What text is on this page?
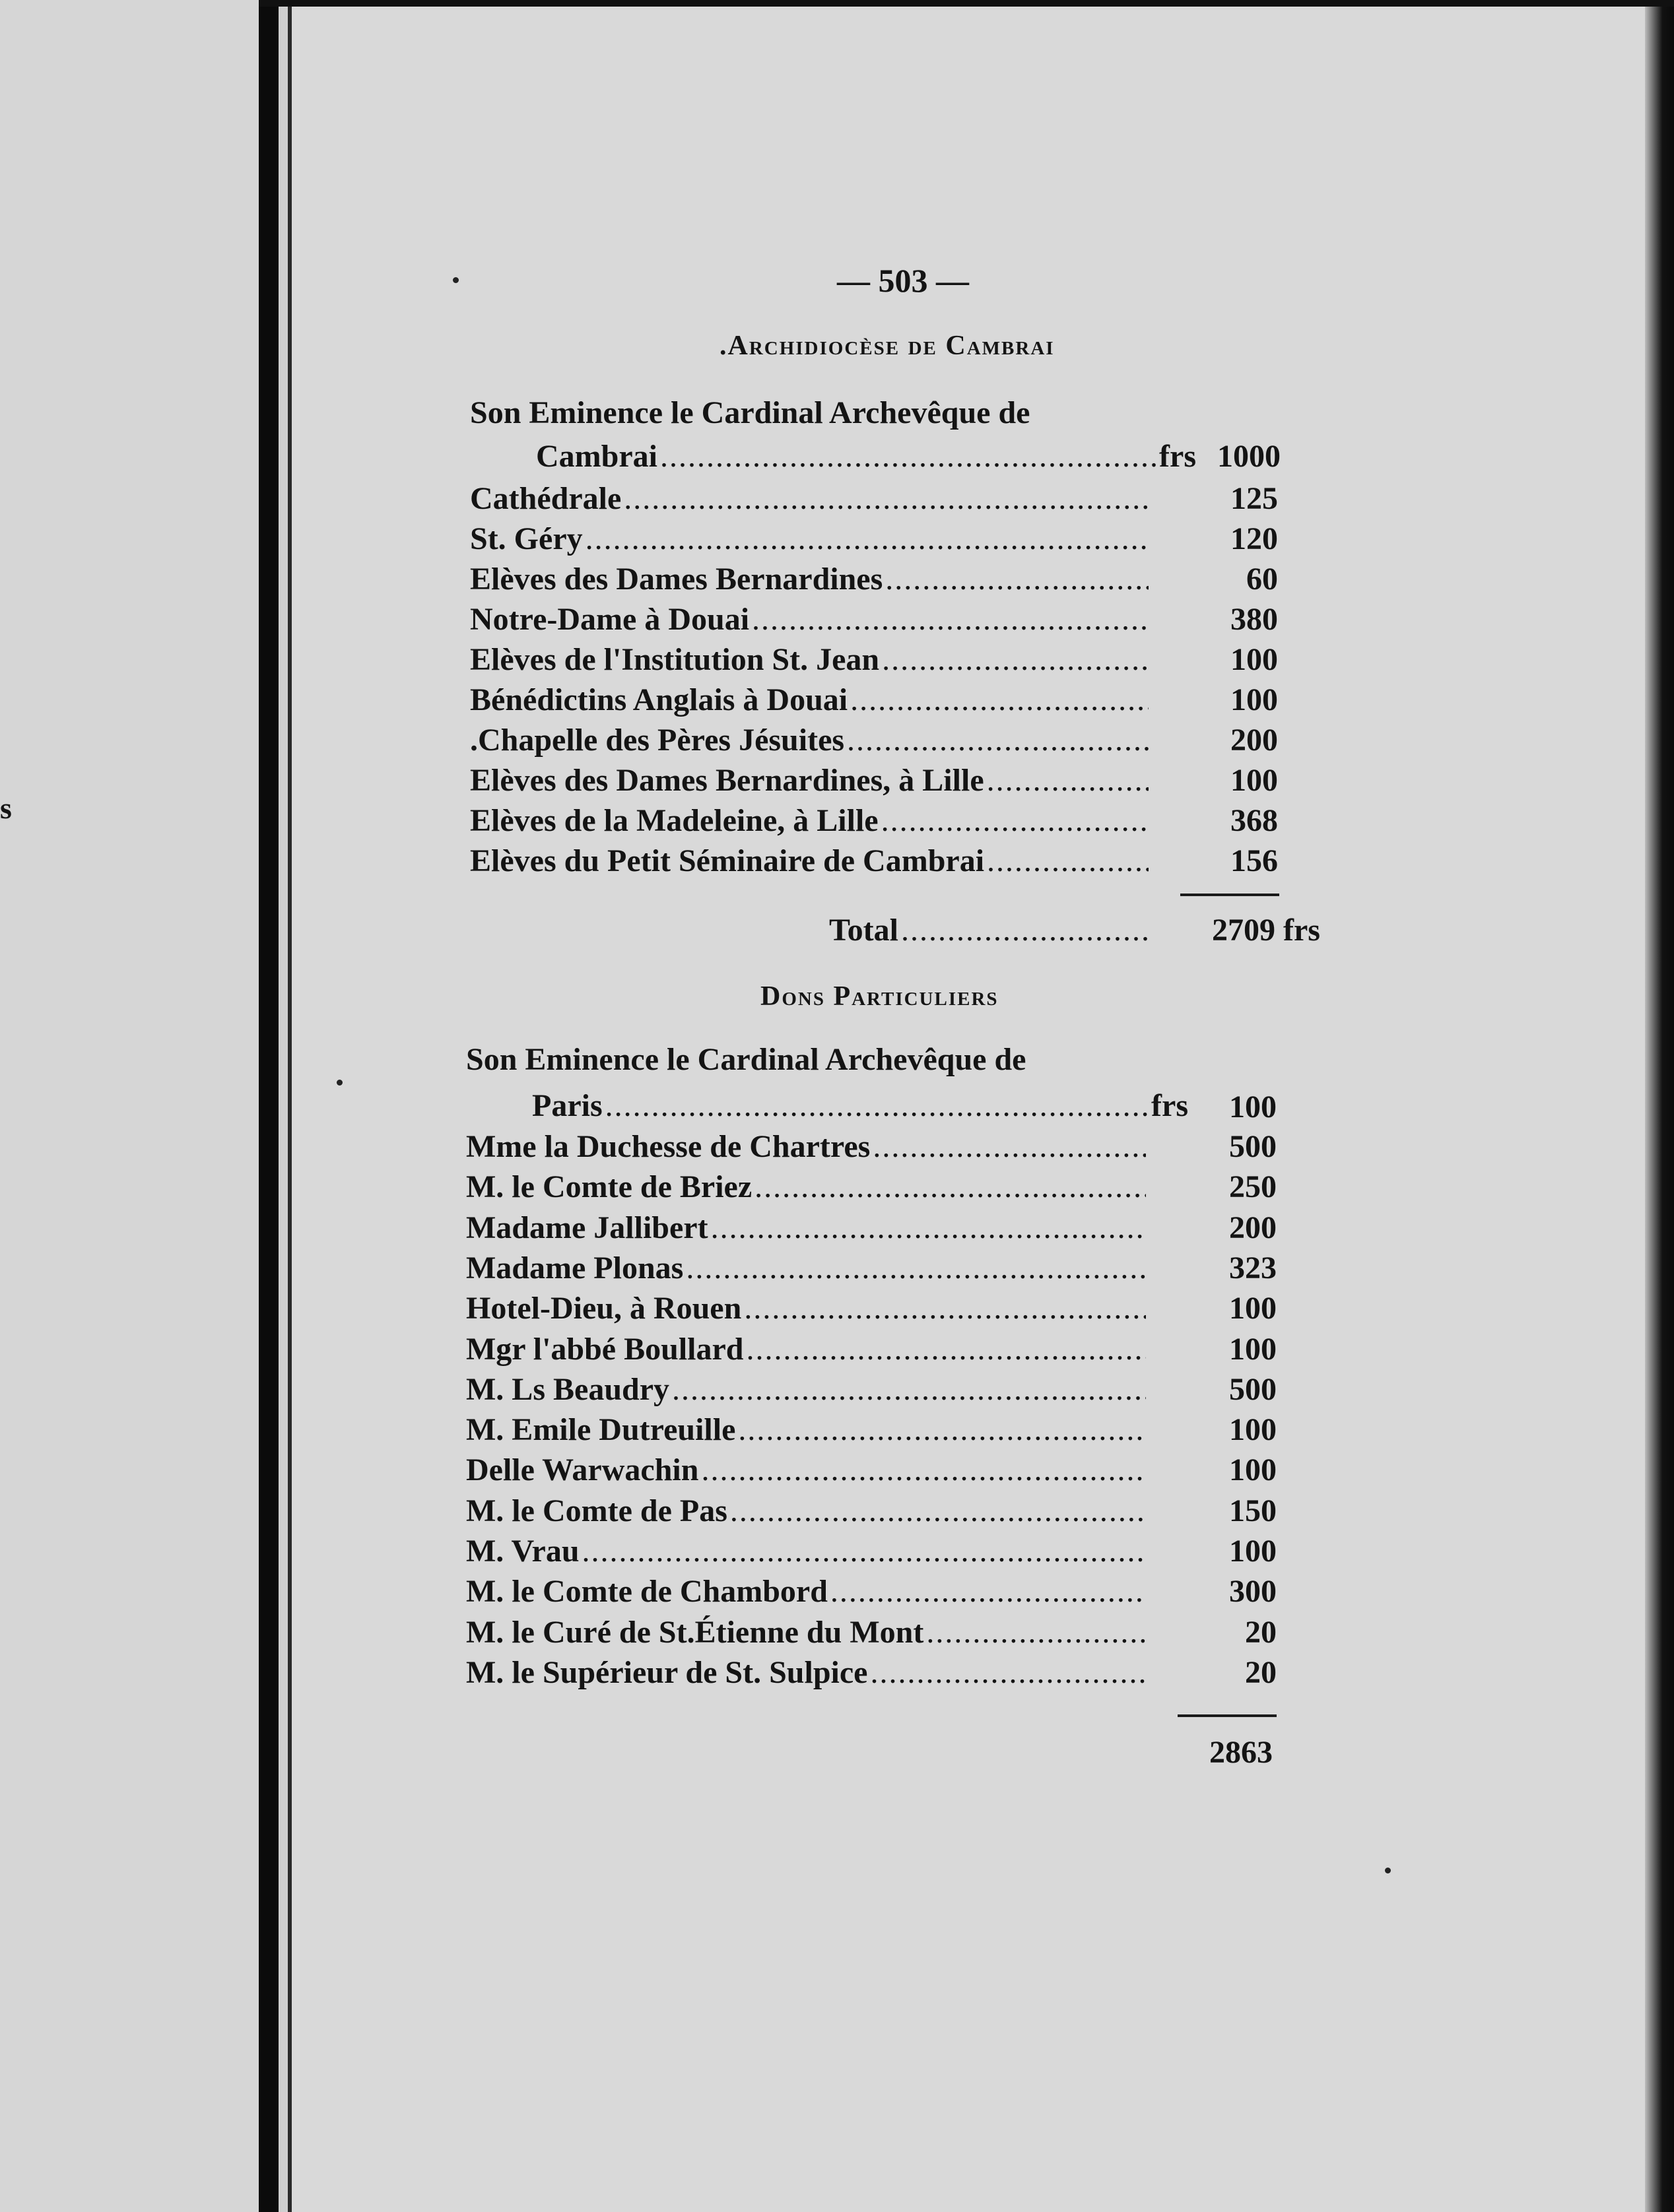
s
— 503 —
.Archidiocèse de Cambrai
Son Eminence le Cardinal Archevêque de
Cambrai .....	frs 1000
Cathédrale .....	125
St. Géry .....	120
Elèves des Dames Bernardines .....	60
Notre-Dame à Douai .....	380
Elèves de l'Institution St. Jean .....	100
Bénédictins Anglais à Douai .....	100
.Chapelle des Pères Jésuites .....	200
Elèves des Dames Bernardines, à Lille .....	100
Elèves de la Madeleine, à Lille .....	368
Elèves du Petit Séminaire de Cambrai .....	156
Total .....	2709 frs
Dons Particuliers
Son Eminence le Cardinal Archevêque de
Paris .....	frs	100
Mme la Duchesse de Chartres .....	500
M. le Comte de Briez .....	250
Madame Jallibert .....	200
Madame Plonas .....	323
Hotel-Dieu, à Rouen .....	100
Mgr l'abbé Boullard .....	100
M. Ls Beaudry .....	500
M. Emile Dutreuille .....	100
Delle Warwachin .....	100
M. le Comte de Pas .....	150
M. Vrau .....	100
M. le Comte de Chambord .....	300
M. le Curé de St.Étienne du Mont .....	20
M. le Supérieur de St. Sulpice .....	20
2863
